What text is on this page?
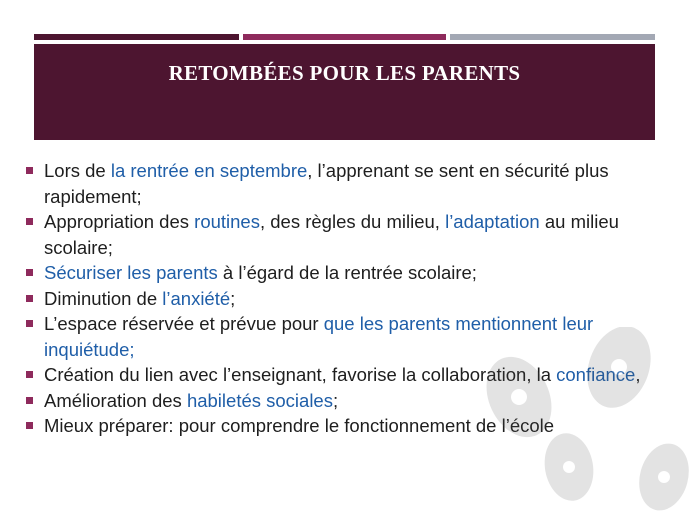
RETOMBÉES POUR LES PARENTS
Lors de la rentrée en septembre, l’apprenant se sent en sécurité plus rapidement;
Appropriation des routines, des règles du milieu, l’adaptation au milieu scolaire;
Sécuriser les parents à l’égard de la rentrée scolaire;
Diminution de l’anxiété;
L’espace réservée et prévue pour que les parents mentionnent leur inquiétude;
Création du lien avec l’enseignant, favorise la collaboration, la confiance,
Amélioration des habiletés sociales;
Mieux préparer: pour comprendre le fonctionnement de l’école
